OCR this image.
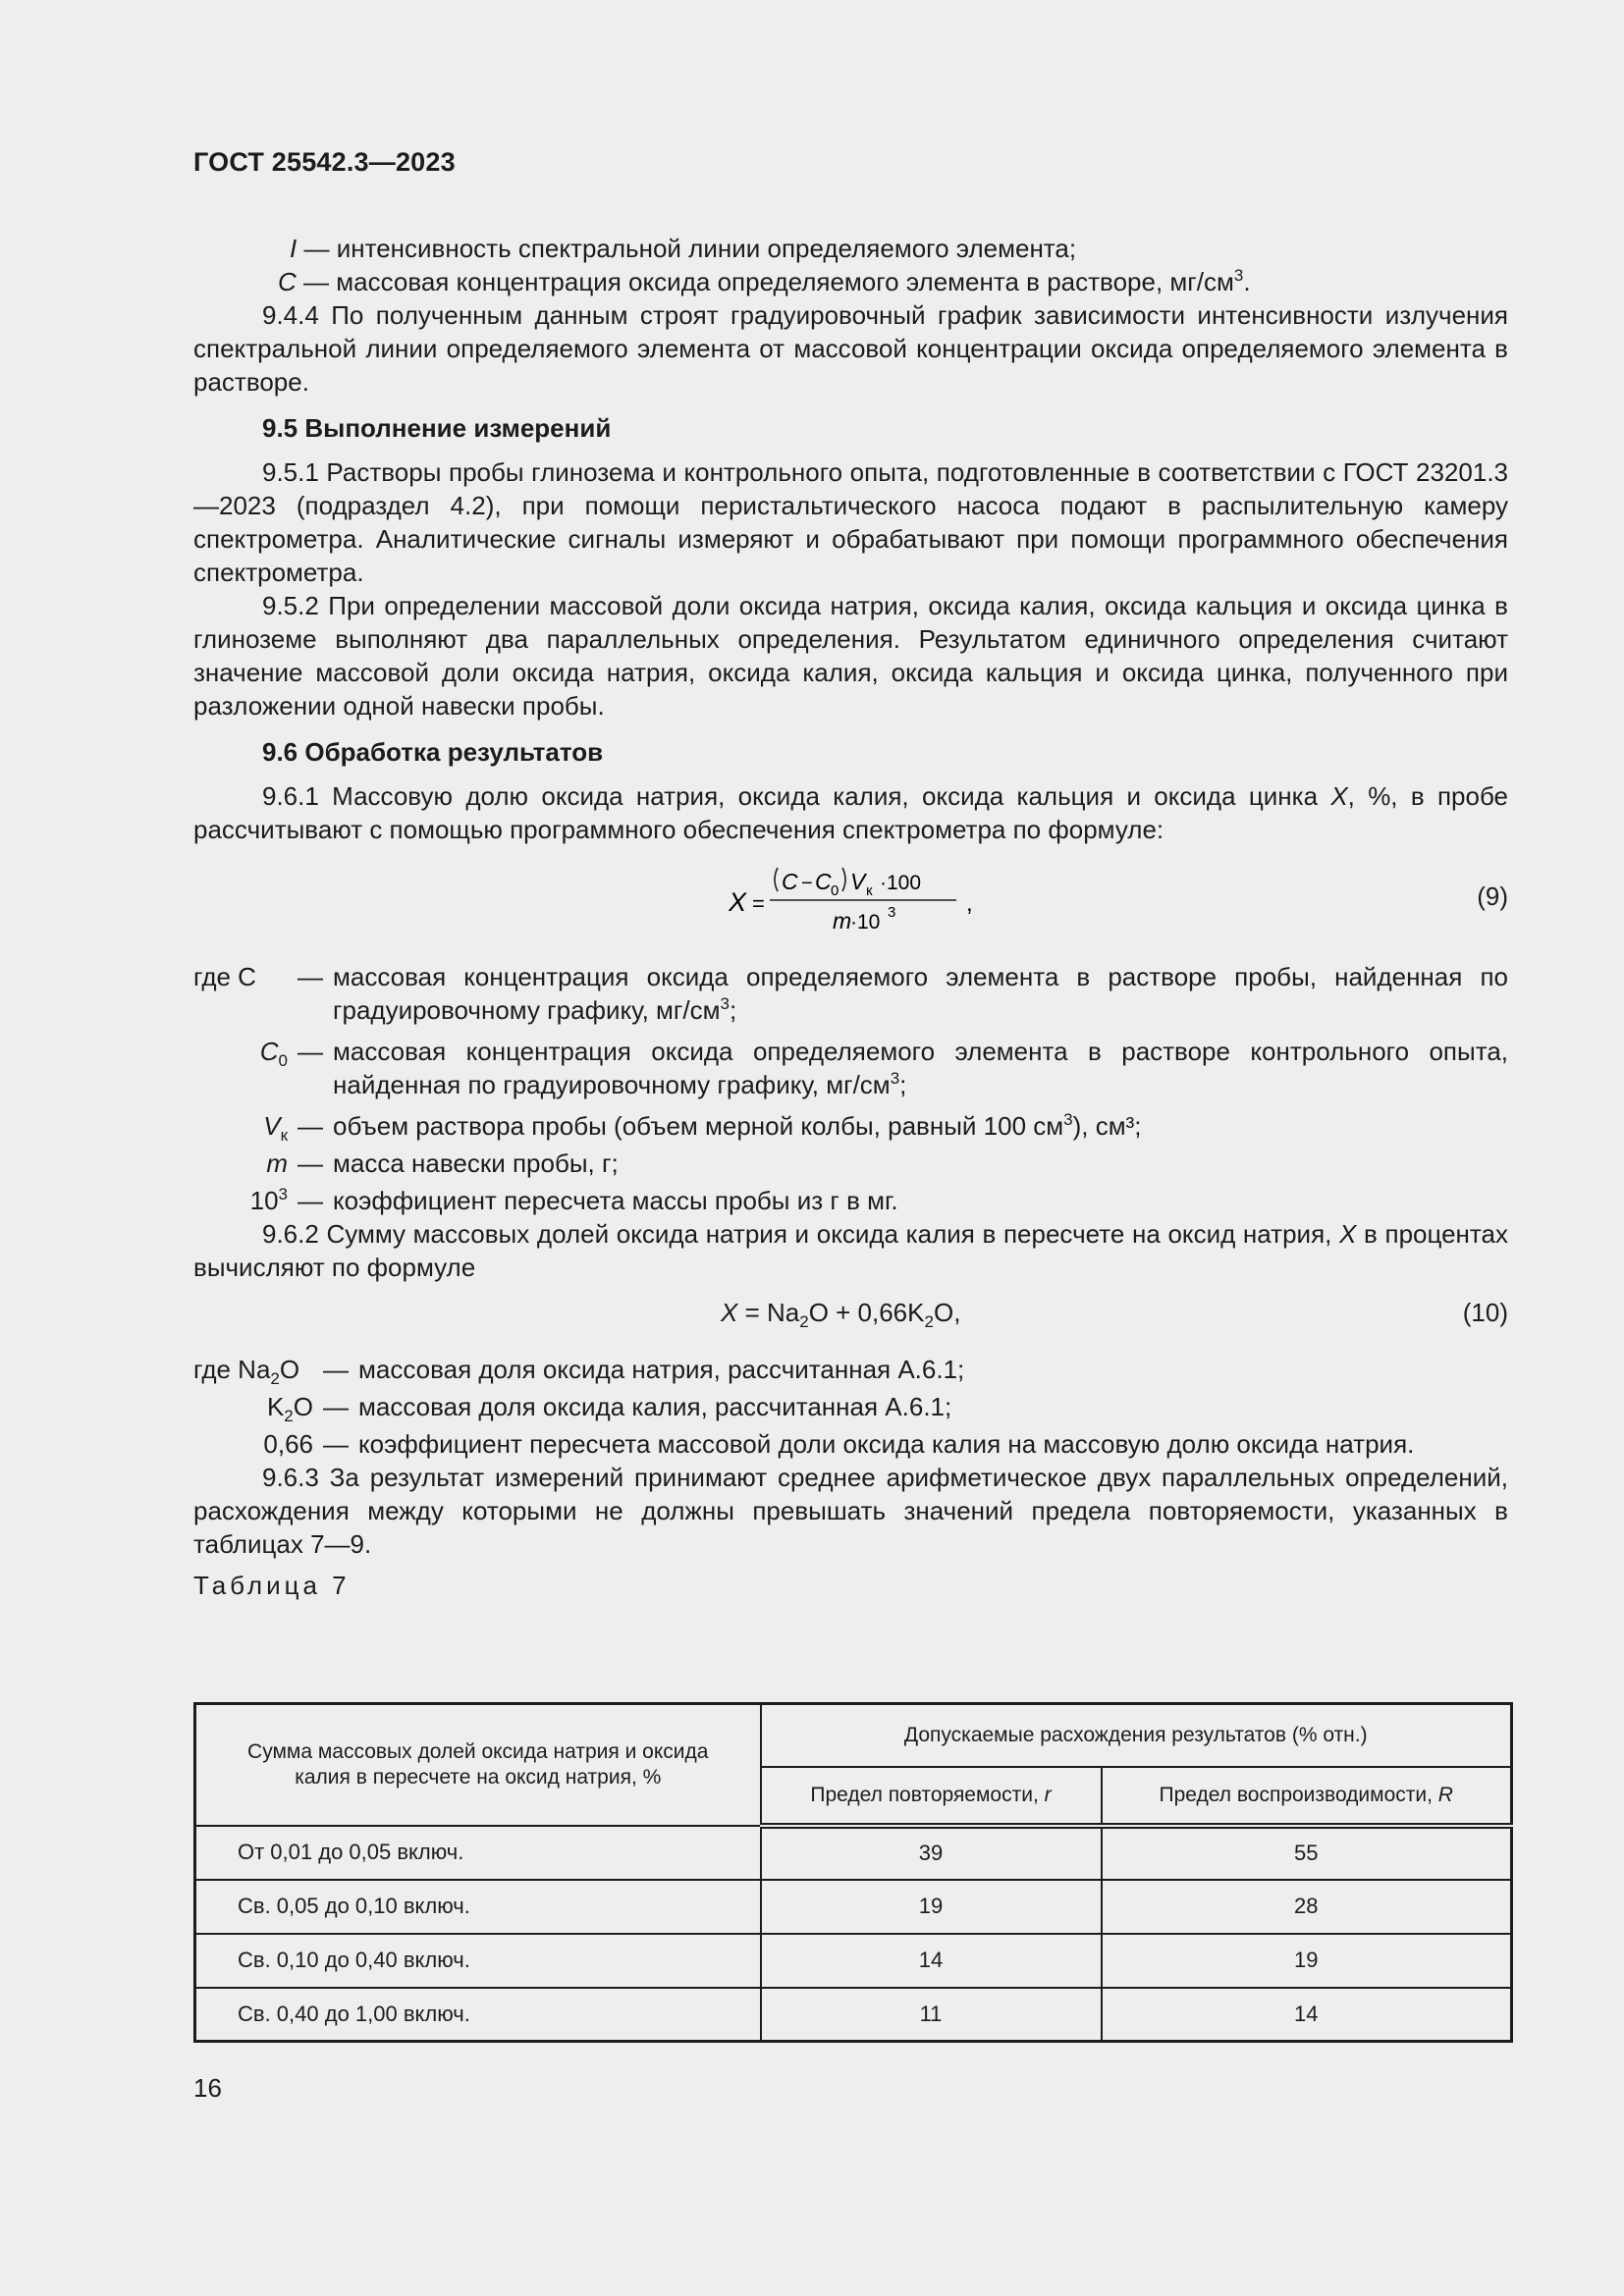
ГОСТ 25542.3—2023

I — интенсивность спектральной линии определяемого элемента;

C — массовая концентрация оксида определяемого элемента в растворе, $мг/см^3$.

9.4.4 По полученным данным строят градуировочный график зависимости интенсивности излучения спектральной линии определяемого элемента от массовой концентрации оксида определяемого элемента в растворе.

9.5 Выполнение измерений

9.5.1 Растворы пробы глинозема и контрольного опыта, подготовленные в соответствии с ГОСТ 23201.3—2023 (подраздел 4.2), при помощи перистальтического насоса подают в распылительную камеру спектрометра. Аналитические сигналы измеряют и обрабатывают при помощи программного обеспечения спектрометра.

9.5.2 При определении массовой доли оксида натрия, оксида калия, оксида кальция и оксида цинка в глиноземе выполняют два параллельных определения. Результатом единичного определения считают значение массовой доли оксида натрия, оксида калия, оксида кальция и оксида цинка, полученного при разложении одной навески пробы.

9.6 Обработка результатов

9.6.1 Массовую долю оксида натрия, оксида калия, оксида кальция и оксида цинка X, %, в пробе рассчитывают с помощью программного обеспечения спектрометра по формуле:

X =
C − C 0 V к ·100
m
·10 3	,	(9)
где C	— массовая концентрация оксида определяемого элемента в растворе пробы, найденная по градуировочному графику, $мг/см^3$;
$C_0$ — массовая концентрация оксида определяемого элемента в растворе контрольного опыта, найденная по градуировочному графику, $мг/см^3$;
$V_к$ — объем раствора пробы (объем мерной колбы, равный 100 $см^3$), см³;
m — масса навески пробы, г;
$10^3$ — коэффициент пересчета массы пробы из г в мг.

9.6.2 Сумму массовых долей оксида натрия и оксида калия в пересчете на оксид натрия, X в процентах вычисляют по формуле

$X = Na_2O + 0,66K_2O$,	(10)
где $Na_2O$ — массовая доля оксида натрия, рассчитанная А.6.1;
$K_2O$ — массовая доля оксида калия, рассчитанная А.6.1;
0,66 — коэффициент пересчета массовой доли оксида калия на массовую долю оксида натрия.

9.6.3 За результат измерений принимают среднее арифметическое двух параллельных определений, расхождения между которыми не должны превышать значений предела повторяемости, указанных в таблицах 7—9.

Таблица 7

Сумма массовых долей оксида натрия и оксида калия в пересчете на оксид натрия, %	Допускаемые расхождения результатов (% отн.)	
	Предел повторяемости, r	Предел воспроизводимости, R
От 0,01 до 0,05 включ.	39	55
Св. 0,05 до 0,10 включ.	19	28
Св. 0,10 до 0,40 включ.	14	19
Св. 0,40 до 1,00 включ.	11	14
16
